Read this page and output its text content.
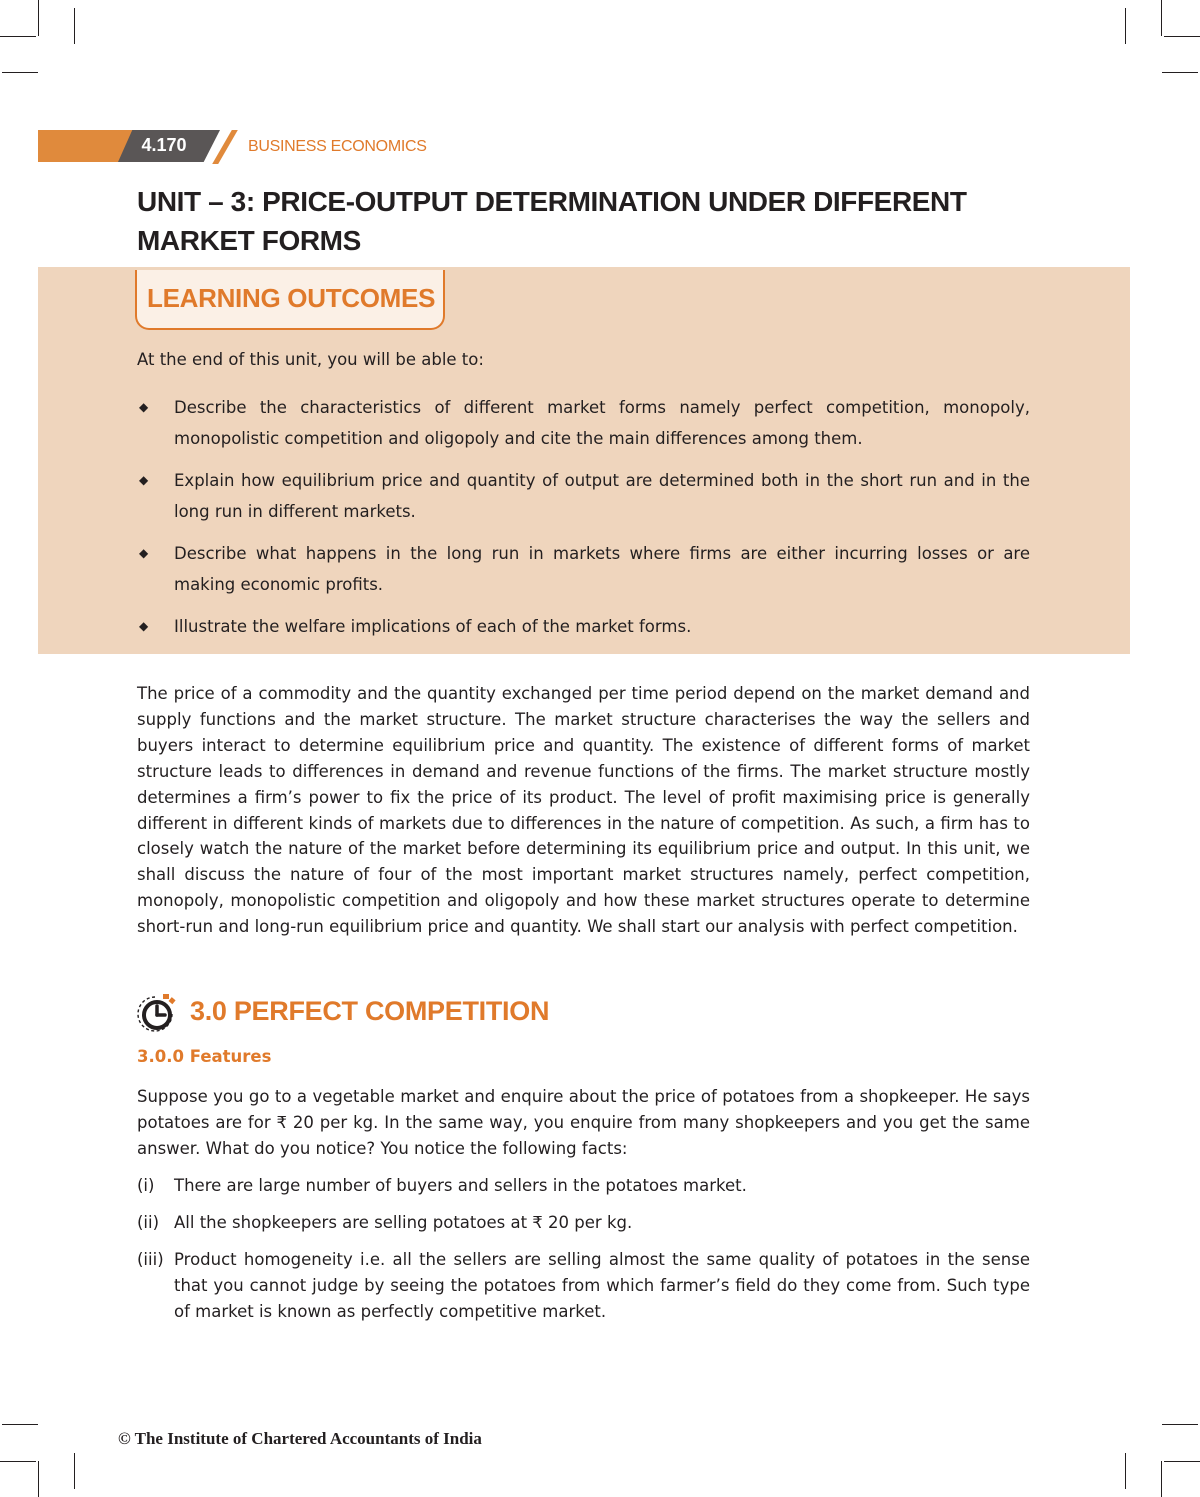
4.170	BUSINESS ECONOMICS
UNIT – 3: PRICE-OUTPUT DETERMINATION UNDER DIFFERENT MARKET FORMS
LEARNING OUTCOMES
At the end of this unit, you will be able to:
◆ Describe the characteristics of different market forms namely perfect competition, monopoly, monopolistic competition and oligopoly and cite the main differences among them.
◆ Explain how equilibrium price and quantity of output are determined both in the short run and in the long run in different markets.
◆ Describe what happens in the long run in markets where firms are either incurring losses or are making economic profits.
◆ Illustrate the welfare implications of each of the market forms.

The price of a commodity and the quantity exchanged per time period depend on the market demand and supply functions and the market structure. The market structure characterises the way the sellers and buyers interact to determine equilibrium price and quantity. The existence of different forms of market structure leads to differences in demand and revenue functions of the firms. The market structure mostly determines a firm’s power to fix the price of its product. The level of profit maximising price is generally different in different kinds of markets due to differences in the nature of competition. As such, a firm has to closely watch the nature of the market before determining its equilibrium price and output. In this unit, we shall discuss the nature of four of the most important market structures namely, perfect competition, monopoly, monopolistic competition and oligopoly and how these market structures operate to determine short-run and long-run equilibrium price and quantity. We shall start our analysis with perfect competition.

3.0 PERFECT COMPETITION
3.0.0 Features

Suppose you go to a vegetable market and enquire about the price of potatoes from a shopkeeper. He says potatoes are for ₹ 20 per kg. In the same way, you enquire from many shopkeepers and you get the same answer. What do you notice? You notice the following facts:

(i) There are large number of buyers and sellers in the potatoes market.
(ii) All the shopkeepers are selling potatoes at ₹ 20 per kg.
(iii) Product homogeneity i.e. all the sellers are selling almost the same quality of potatoes in the sense that you cannot judge by seeing the potatoes from which farmer’s field do they come from. Such type of market is known as perfectly competitive market.
© The Institute of Chartered Accountants of India
